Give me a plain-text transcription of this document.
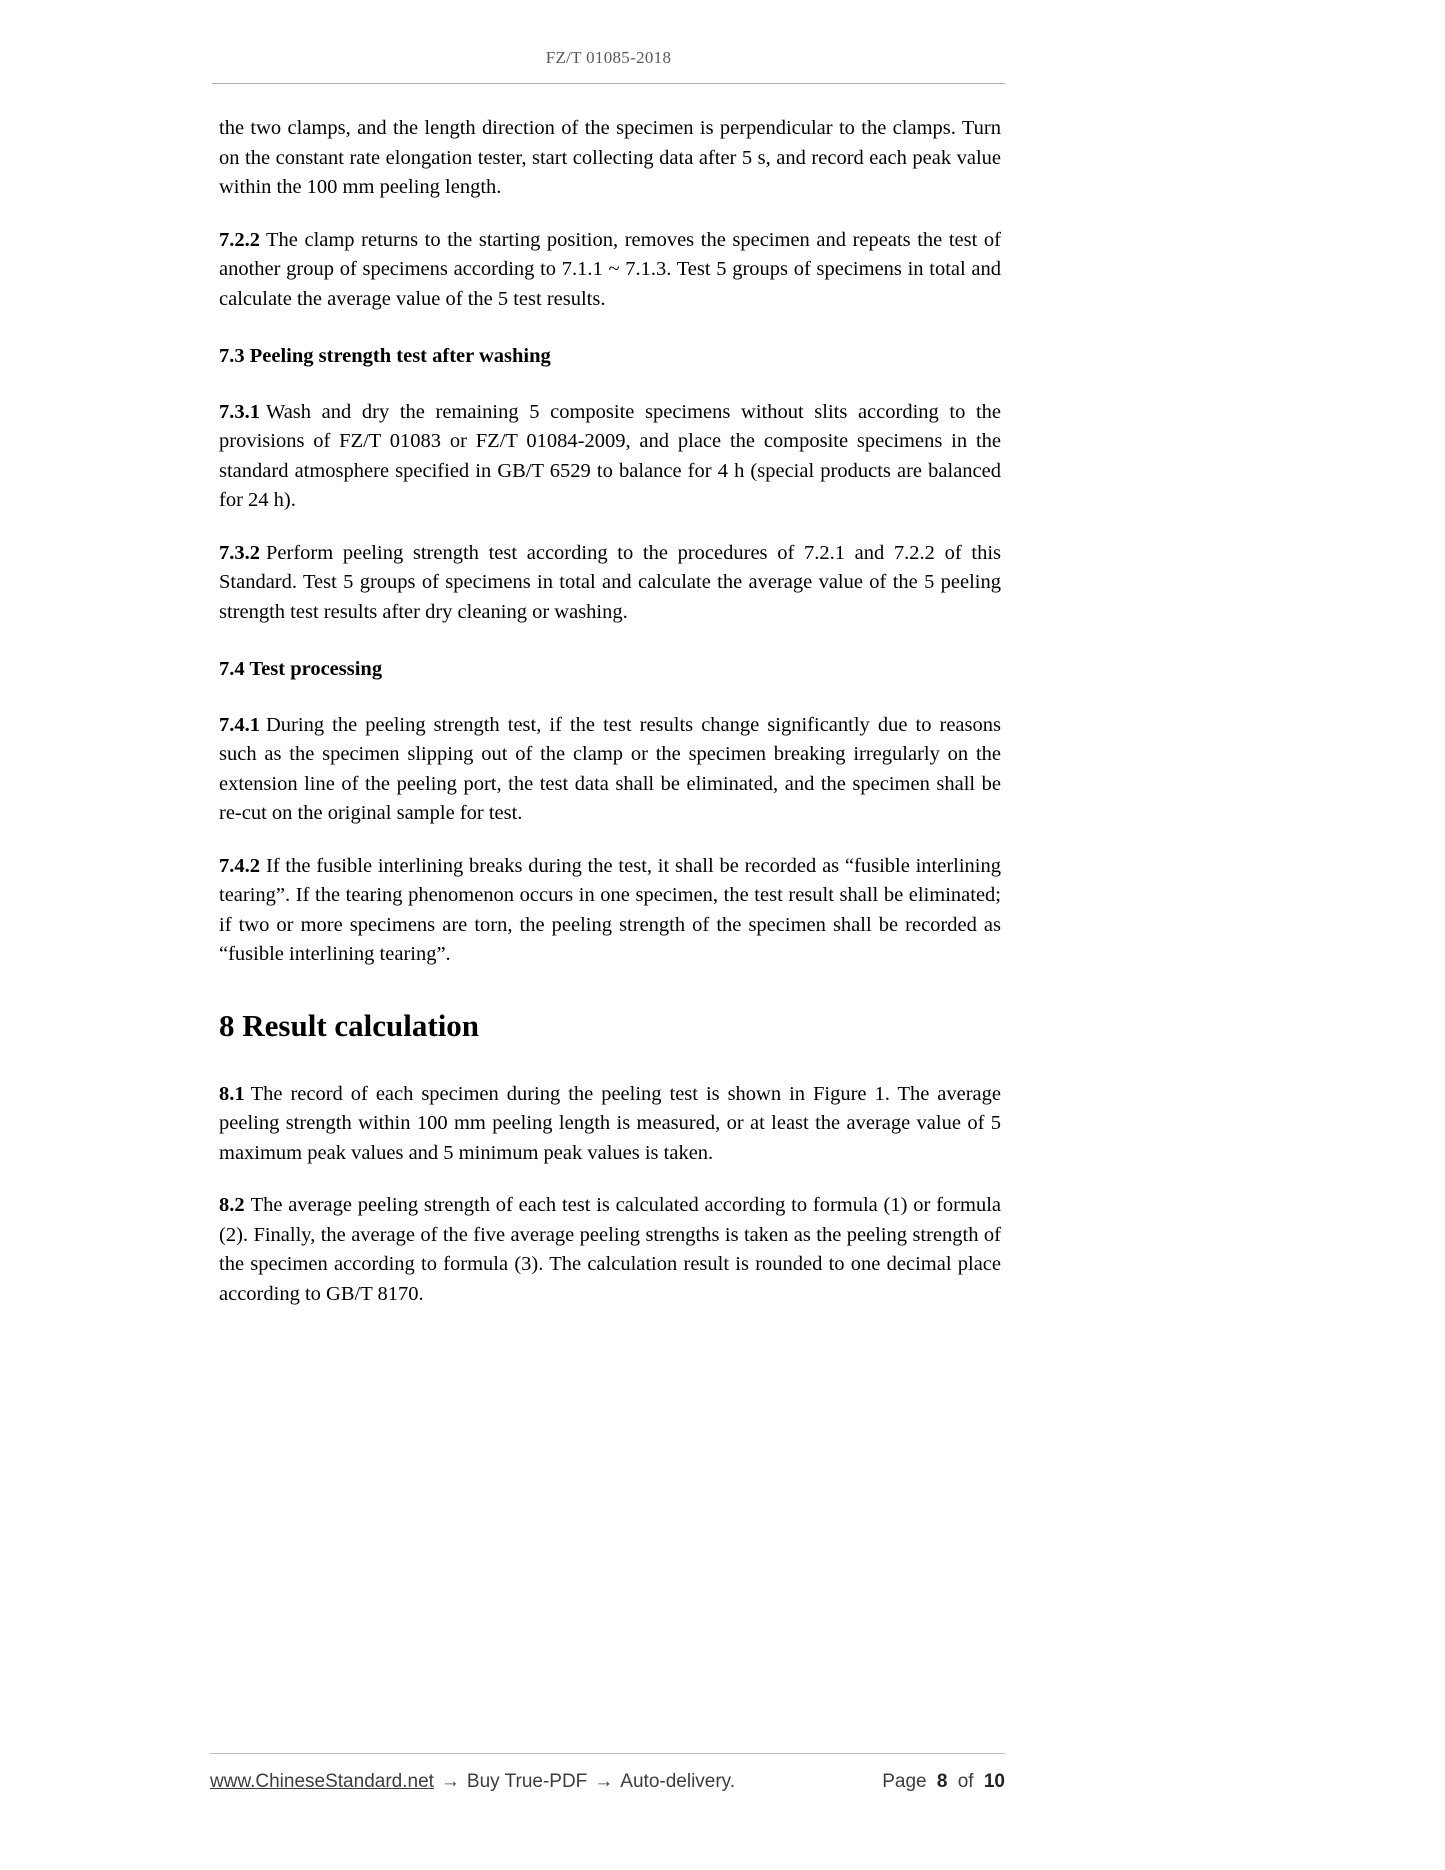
FZ/T 01085-2018

the two clamps, and the length direction of the specimen is perpendicular to the clamps. Turn on the constant rate elongation tester, start collecting data after 5 s, and record each peak value within the 100 mm peeling length.

7.2.2 The clamp returns to the starting position, removes the specimen and repeats the test of another group of specimens according to 7.1.1 ~ 7.1.3. Test 5 groups of specimens in total and calculate the average value of the 5 test results.

7.3 Peeling strength test after washing

7.3.1 Wash and dry the remaining 5 composite specimens without slits according to the provisions of FZ/T 01083 or FZ/T 01084-2009, and place the composite specimens in the standard atmosphere specified in GB/T 6529 to balance for 4 h (special products are balanced for 24 h).

7.3.2 Perform peeling strength test according to the procedures of 7.2.1 and 7.2.2 of this Standard. Test 5 groups of specimens in total and calculate the average value of the 5 peeling strength test results after dry cleaning or washing.

7.4 Test processing

7.4.1 During the peeling strength test, if the test results change significantly due to reasons such as the specimen slipping out of the clamp or the specimen breaking irregularly on the extension line of the peeling port, the test data shall be eliminated, and the specimen shall be re-cut on the original sample for test.

7.4.2 If the fusible interlining breaks during the test, it shall be recorded as “fusible interlining tearing”. If the tearing phenomenon occurs in one specimen, the test result shall be eliminated; if two or more specimens are torn, the peeling strength of the specimen shall be recorded as “fusible interlining tearing”.

8 Result calculation

8.1 The record of each specimen during the peeling test is shown in Figure 1. The average peeling strength within 100 mm peeling length is measured, or at least the average value of 5 maximum peak values and 5 minimum peak values is taken.

8.2 The average peeling strength of each test is calculated according to formula (1) or formula (2). Finally, the average of the five average peeling strengths is taken as the peeling strength of the specimen according to formula (3). The calculation result is rounded to one decimal place according to GB/T 8170.

www.ChineseStandard.net → Buy True-PDF → Auto-delivery.	Page 8 of 10
